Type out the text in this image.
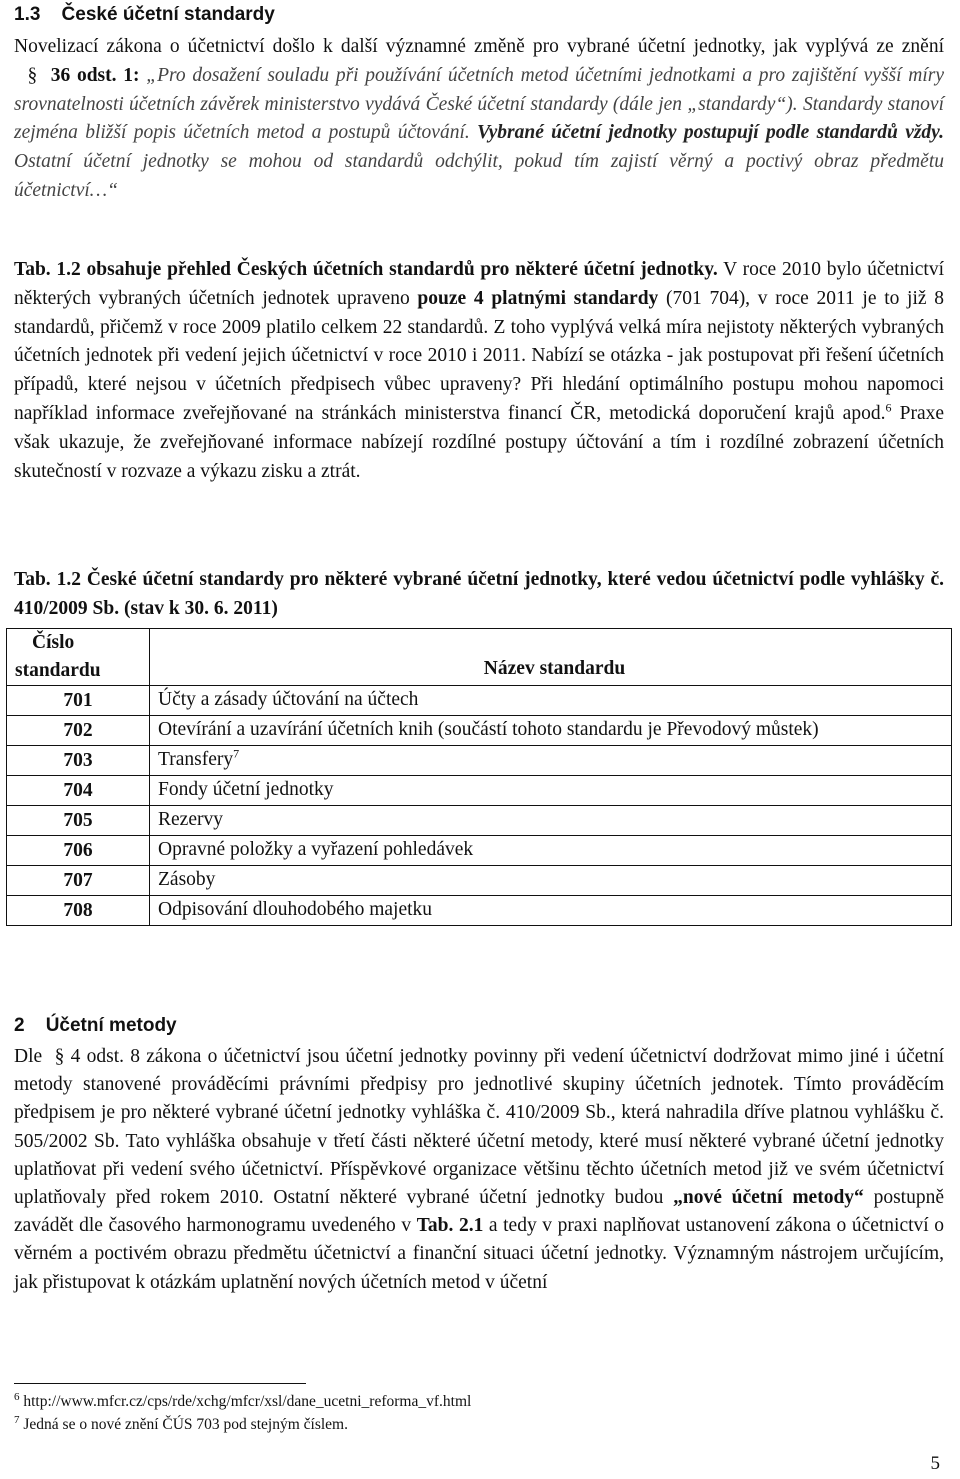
1.3 České účetní standardy
Novelizací zákona o účetnictví došlo k další významné změně pro vybrané účetní jednotky, jak vyplývá ze znění   §  36 odst. 1: „Pro dosažení souladu při používání účetních metod účetními jednotkami a pro zajištění vyšší míry srovnatelnosti účetních závěrek ministerstvo vydává České účetní standardy (dále jen „standardy“). Standardy stanoví zejména bližší popis účetních metod a postupů účtování. Vybrané účetní jednotky postupují podle standardů vždy. Ostatní účetní jednotky se mohou od standardů odchýlit, pokud tím zajistí věrný a poctivý obraz předmětu účetnictví…“
Tab. 1.2 obsahuje přehled Českých účetních standardů pro některé účetní jednotky. V roce 2010 bylo účetnictví některých vybraných účetních jednotek upraveno pouze 4 platnými standardy (701 704), v roce 2011 je to již 8 standardů, přičemž v roce 2009 platilo celkem 22 standardů. Z toho vyplývá velká míra nejistoty některých vybraných účetních jednotek při vedení jejich účetnictví v roce 2010 i 2011. Nabízí se otázka - jak postupovat při řešení účetních případů, které nejsou v účetních předpisech vůbec upraveny? Při hledání optimálního postupu mohou napomoci například informace zveřejňované na stránkách ministerstva financí ČR, metodická doporučení krajů apod.$^6$ Praxe však ukazuje, že zveřejňované informace nabízejí rozdílné postupy účtování a tím i rozdílné zobrazení účetních skutečností v rozvaze a výkazu zisku a ztrát.
Tab. 1.2 České účetní standardy pro některé vybrané účetní jednotky, které vedou účetnictví podle vyhlášky č. 410/2009 Sb. (stav k 30. 6. 2011)
Číslo
standardu	Název standardu
701	Účty a zásady účtování na účtech
702	Otevírání a uzavírání účetních knih (součástí tohoto standardu je Převodový můstek)
703	Transfery$^7$
704	Fondy účetní jednotky
705	Rezervy
706	Opravné položky a vyřazení pohledávek
707	Zásoby
708	Odpisování dlouhodobého majetku
2 Účetní metody
Dle  § 4 odst. 8 zákona o účetnictví jsou účetní jednotky povinny při vedení účetnictví dodržovat mimo jiné i účetní metody stanovené prováděcími právními předpisy pro jednotlivé skupiny účetních jednotek. Tímto prováděcím předpisem je pro některé vybrané účetní jednotky vyhláška č. 410/2009 Sb., která nahradila dříve platnou vyhlášku č. 505/2002 Sb. Tato vyhláška obsahuje v třetí části některé účetní metody, které musí některé vybrané účetní jednotky uplatňovat při vedení svého účetnictví. Příspěvkové organizace většinu těchto účetních metod již ve svém účetnictví uplatňovaly před rokem 2010. Ostatní některé vybrané účetní jednotky budou „nové účetní metody“ postupně zavádět dle časového harmonogramu uvedeného v Tab. 2.1 a tedy v praxi naplňovat ustanovení zákona o účetnictví o věrném a poctivém obrazu předmětu účetnictví a finanční situaci účetní jednotky. Významným nástrojem určujícím, jak přistupovat k otázkám uplatnění nových účetních metod v účetní

$^6$ http://www.mfcr.cz/cps/rde/xchg/mfcr/xsl/dane_ucetni_reforma_vf.html

$^7$ Jedná se o nové znění ČÚS 703 pod stejným číslem.

5
